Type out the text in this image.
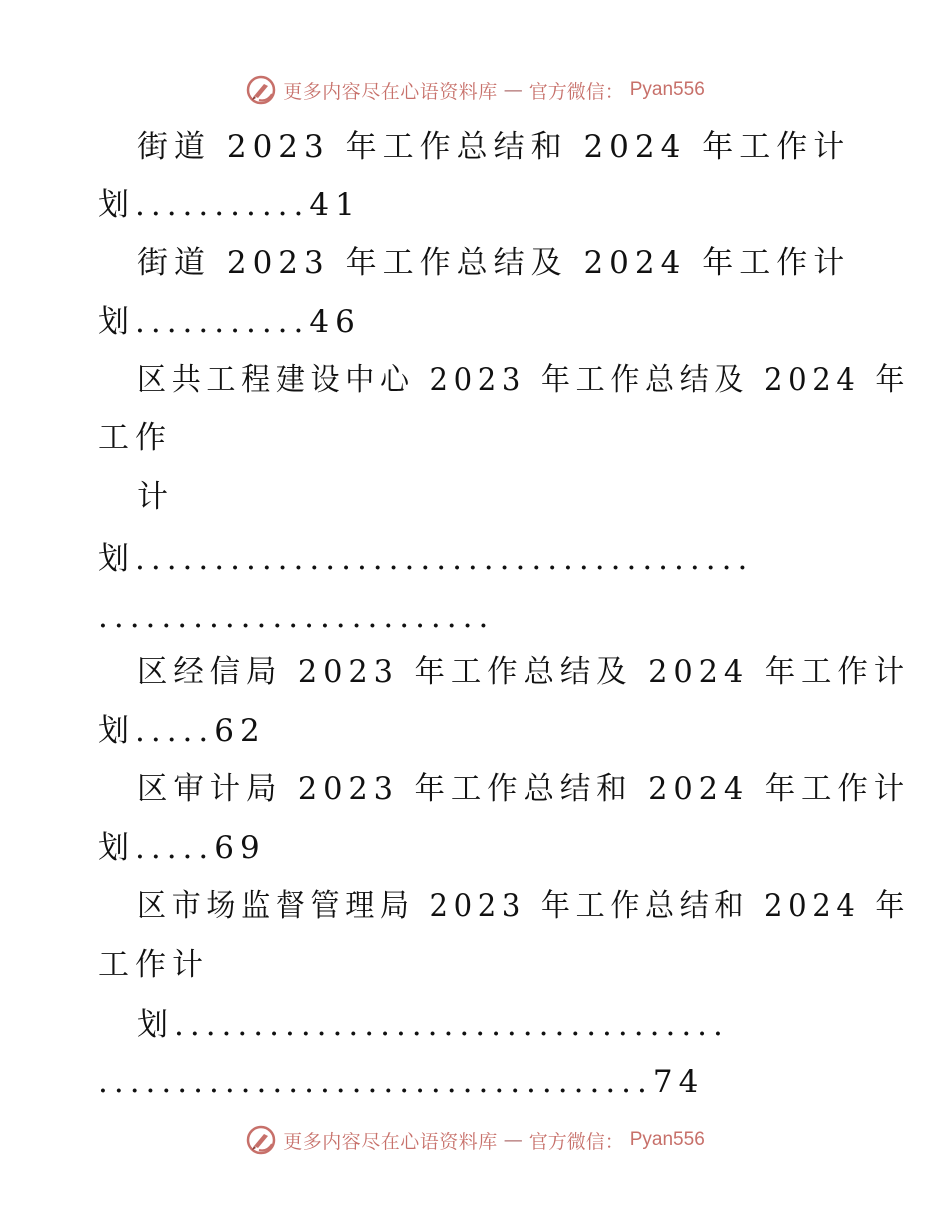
更多内容尽在心语资料库 — 官方微信： Pyan556
街道 2023 年工作总结和 2024 年工作计
划...........41
街道 2023 年工作总结及 2024 年工作计
划...........46
区共工程建设中心 2023 年工作总结及 2024 年
工作
计
划.......................................
.........................
区经信局 2023 年工作总结及 2024 年工作计
划.....62
区审计局 2023 年工作总结和 2024 年工作计
划.....69
区市场监督管理局 2023 年工作总结和 2024 年
工作计
划...................................
...................................74
更多内容尽在心语资料库 — 官方微信： Pyan556
